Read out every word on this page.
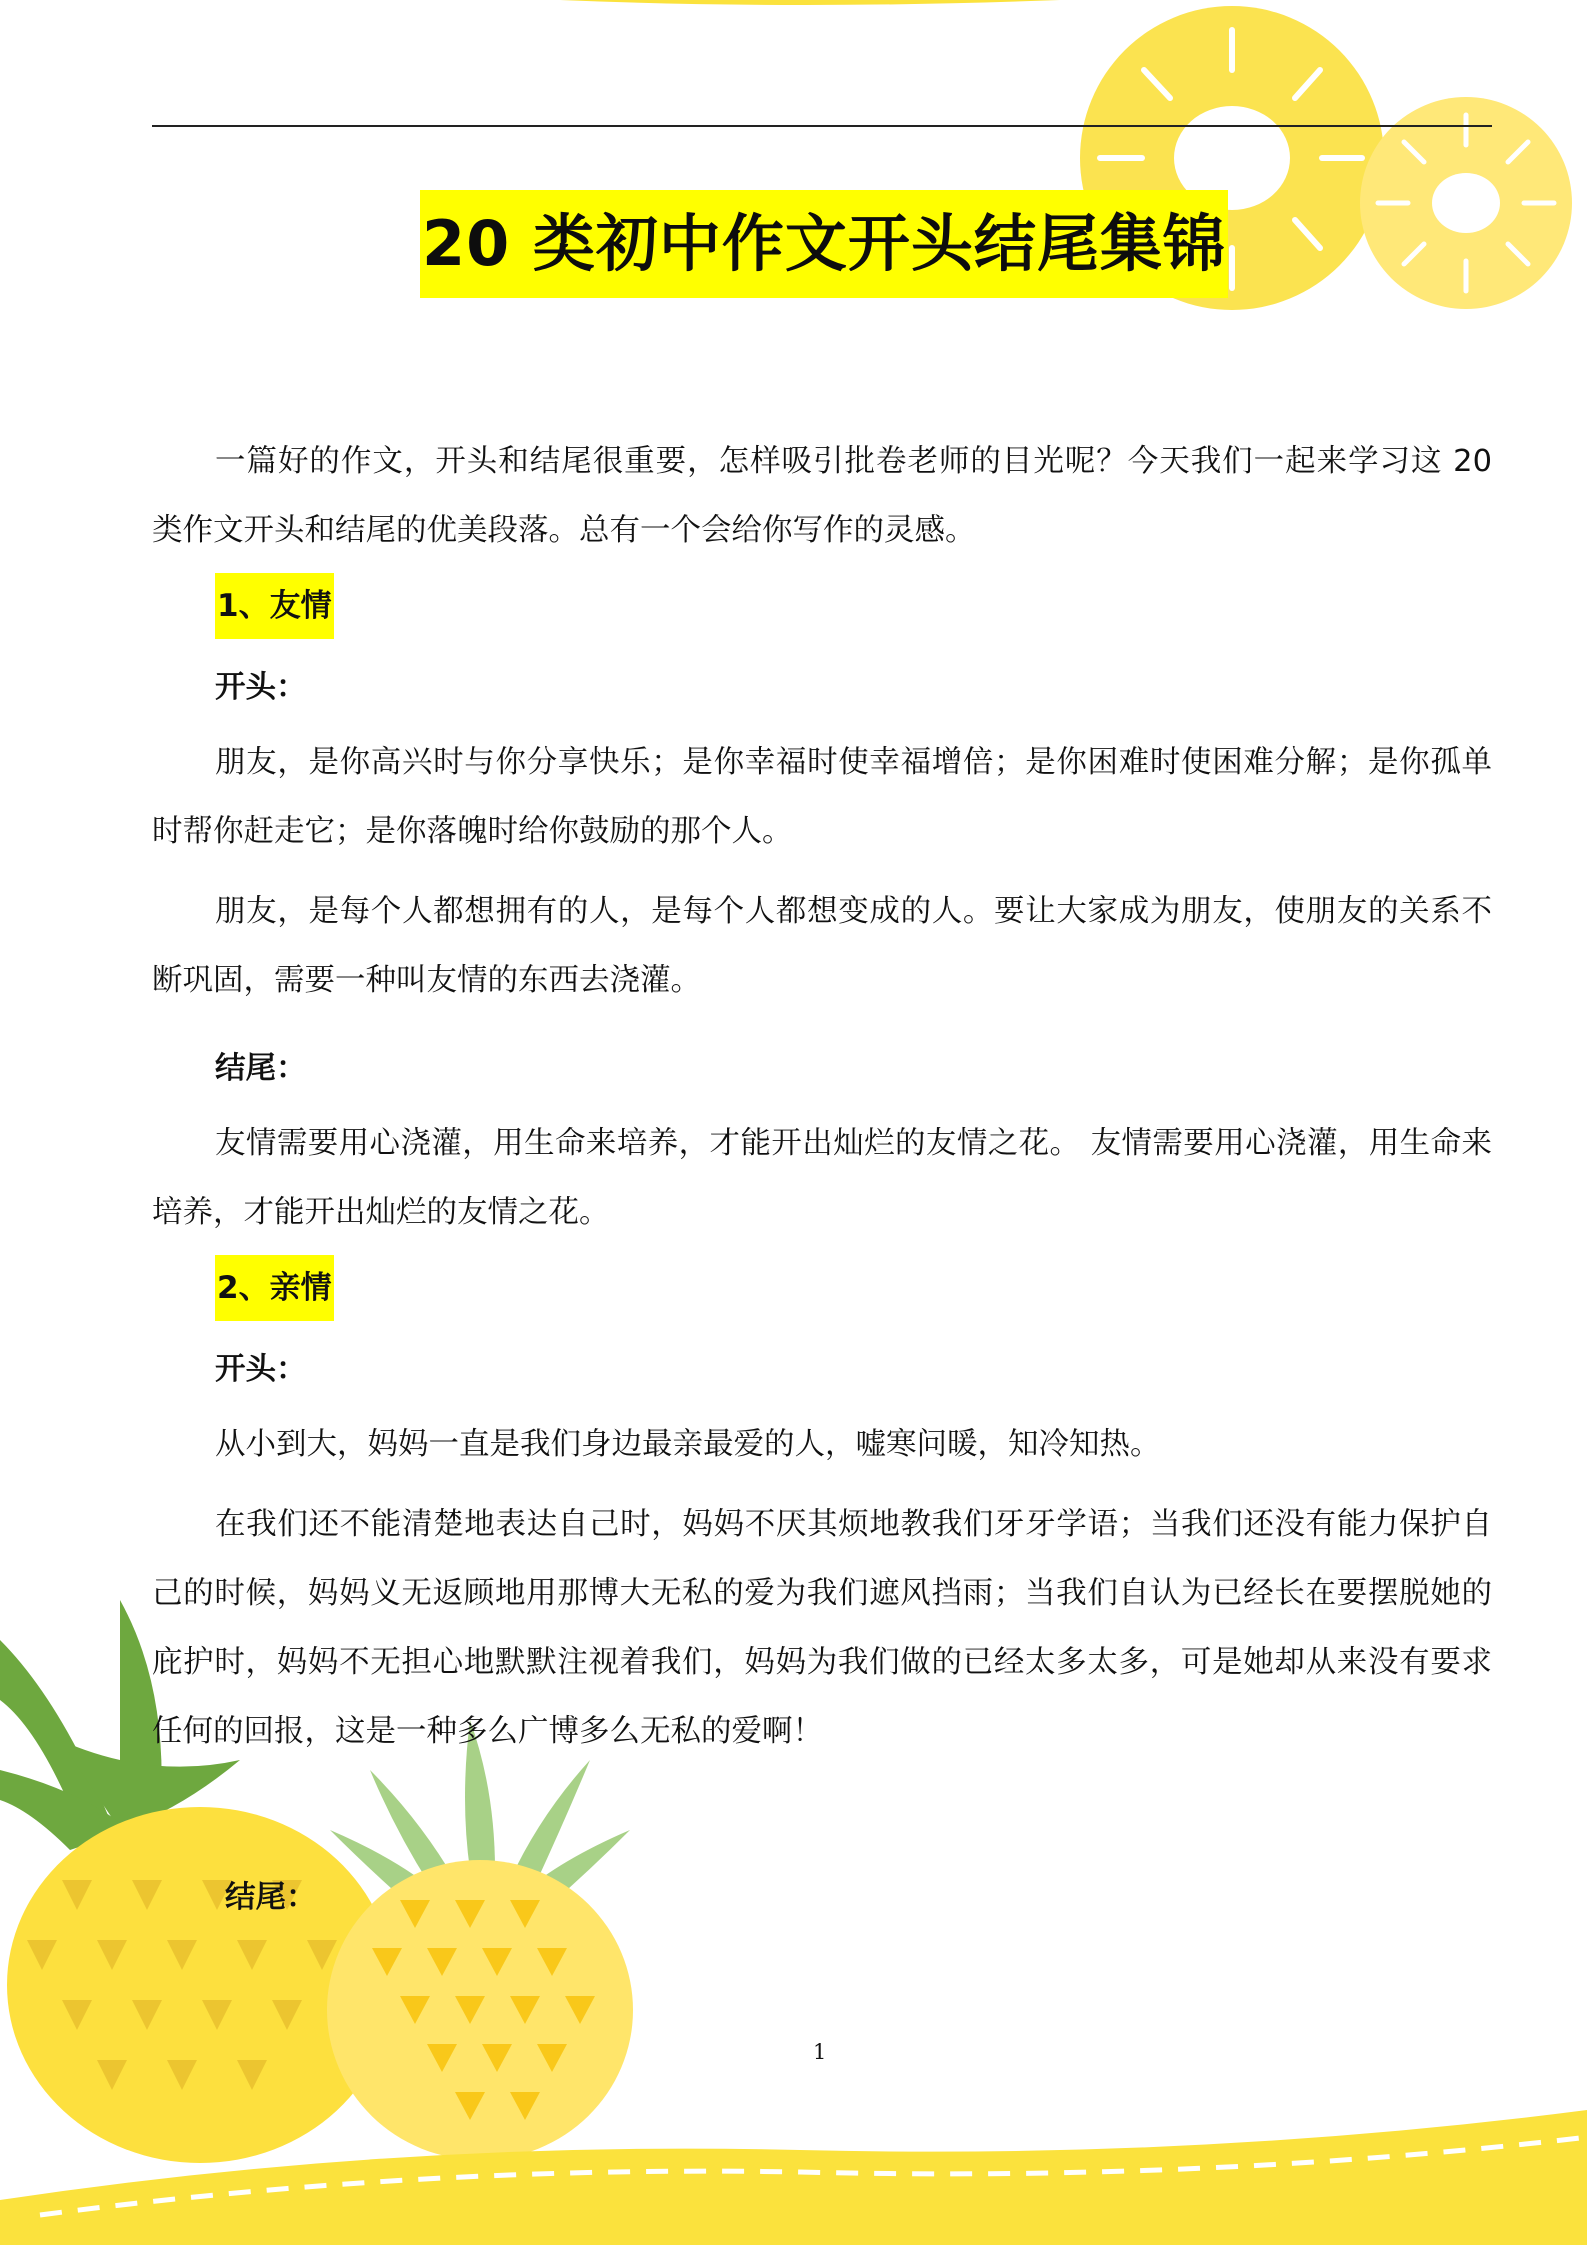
20 类初中作文开头结尾集锦

一篇好的作文，开头和结尾很重要，怎样吸引批卷老师的目光呢？今天我们一起来学习这 20 类作文开头和结尾的优美段落。总有一个会给你写作的灵感。

1、友情
开头：

朋友，是你高兴时与你分享快乐；是你幸福时使幸福增倍；是你困难时使困难分解；是你孤单时帮你赶走它；是你落魄时给你鼓励的那个人。

朋友，是每个人都想拥有的人，是每个人都想变成的人。要让大家成为朋友，使朋友的关系不断巩固，需要一种叫友情的东西去浇灌。

结尾：

友情需要用心浇灌，用生命来培养，才能开出灿烂的友情之花。 友情需要用心浇灌，用生命来培养，才能开出灿烂的友情之花。

2、亲情
开头：

从小到大，妈妈一直是我们身边最亲最爱的人，嘘寒问暖，知冷知热。

在我们还不能清楚地表达自己时，妈妈不厌其烦地教我们牙牙学语；当我们还没有能力保护自己的时候，妈妈义无返顾地用那博大无私的爱为我们遮风挡雨；当我们自认为已经长在要摆脱她的庇护时，妈妈不无担心地默默注视着我们，妈妈为我们做的已经太多太多，可是她却从来没有要求任何的回报，这是一种多么广博多么无私的爱啊！

结尾：
1
